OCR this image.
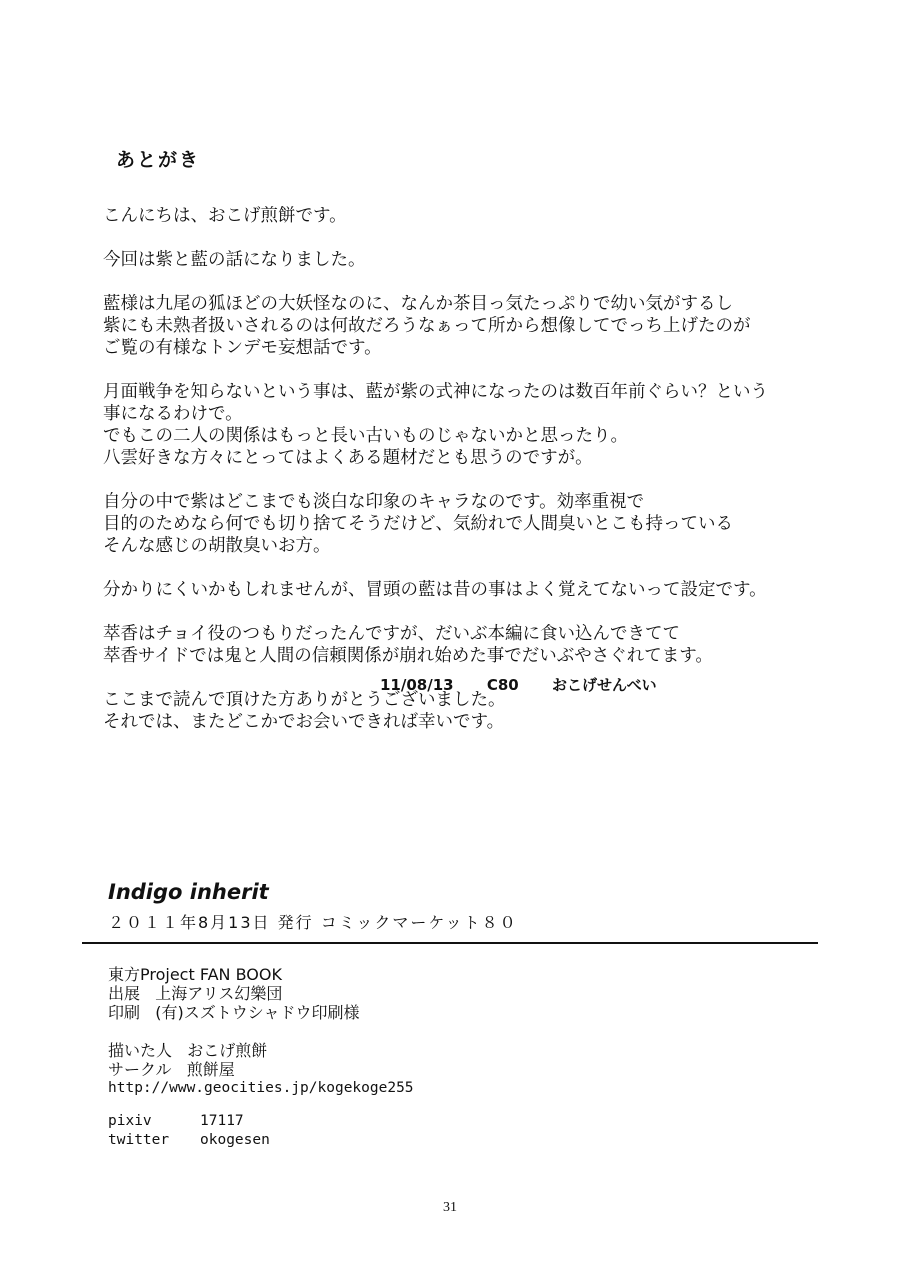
あとがき

こんにちは、おこげ煎餅です。

今回は紫と藍の話になりました。

藍様は九尾の狐ほどの大妖怪なのに、なんか茶目っ気たっぷりで幼い気がするし
紫にも未熟者扱いされるのは何故だろうなぁって所から想像してでっち上げたのが
ご覧の有様なトンデモ妄想話です。

月面戦争を知らないという事は、藍が紫の式神になったのは数百年前ぐらい？という
事になるわけで。
でもこの二人の関係はもっと長い古いものじゃないかと思ったり。
八雲好きな方々にとってはよくある題材だとも思うのですが。

自分の中で紫はどこまでも淡白な印象のキャラなのです。効率重視で
目的のためなら何でも切り捨てそうだけど、気紛れで人間臭いとこも持っている
そんな感じの胡散臭いお方。

分かりにくいかもしれませんが、冒頭の藍は昔の事はよく覚えてないって設定です。

萃香はチョイ役のつもりだったんですが、だいぶ本編に食い込んできてて
萃香サイドでは鬼と人間の信頼関係が崩れ始めた事でだいぶやさぐれてます。

ここまで読んで頂けた方ありがとうございました。
それでは、またどこかでお会いできれば幸いです。

11/08/13 C80 おこげせんべい
Indigo inherit
２０１１年8月13日 発行 コミックマーケット８０
東方Project FAN BOOK
出展 上海アリス幻樂団
印刷 (有)スズトウシャドウ印刷様
描いた人 おこげ煎餅
サークル 煎餅屋
http://www.geocities.jp/kogekoge255
pixiv	17117
twitter okogesen
31
